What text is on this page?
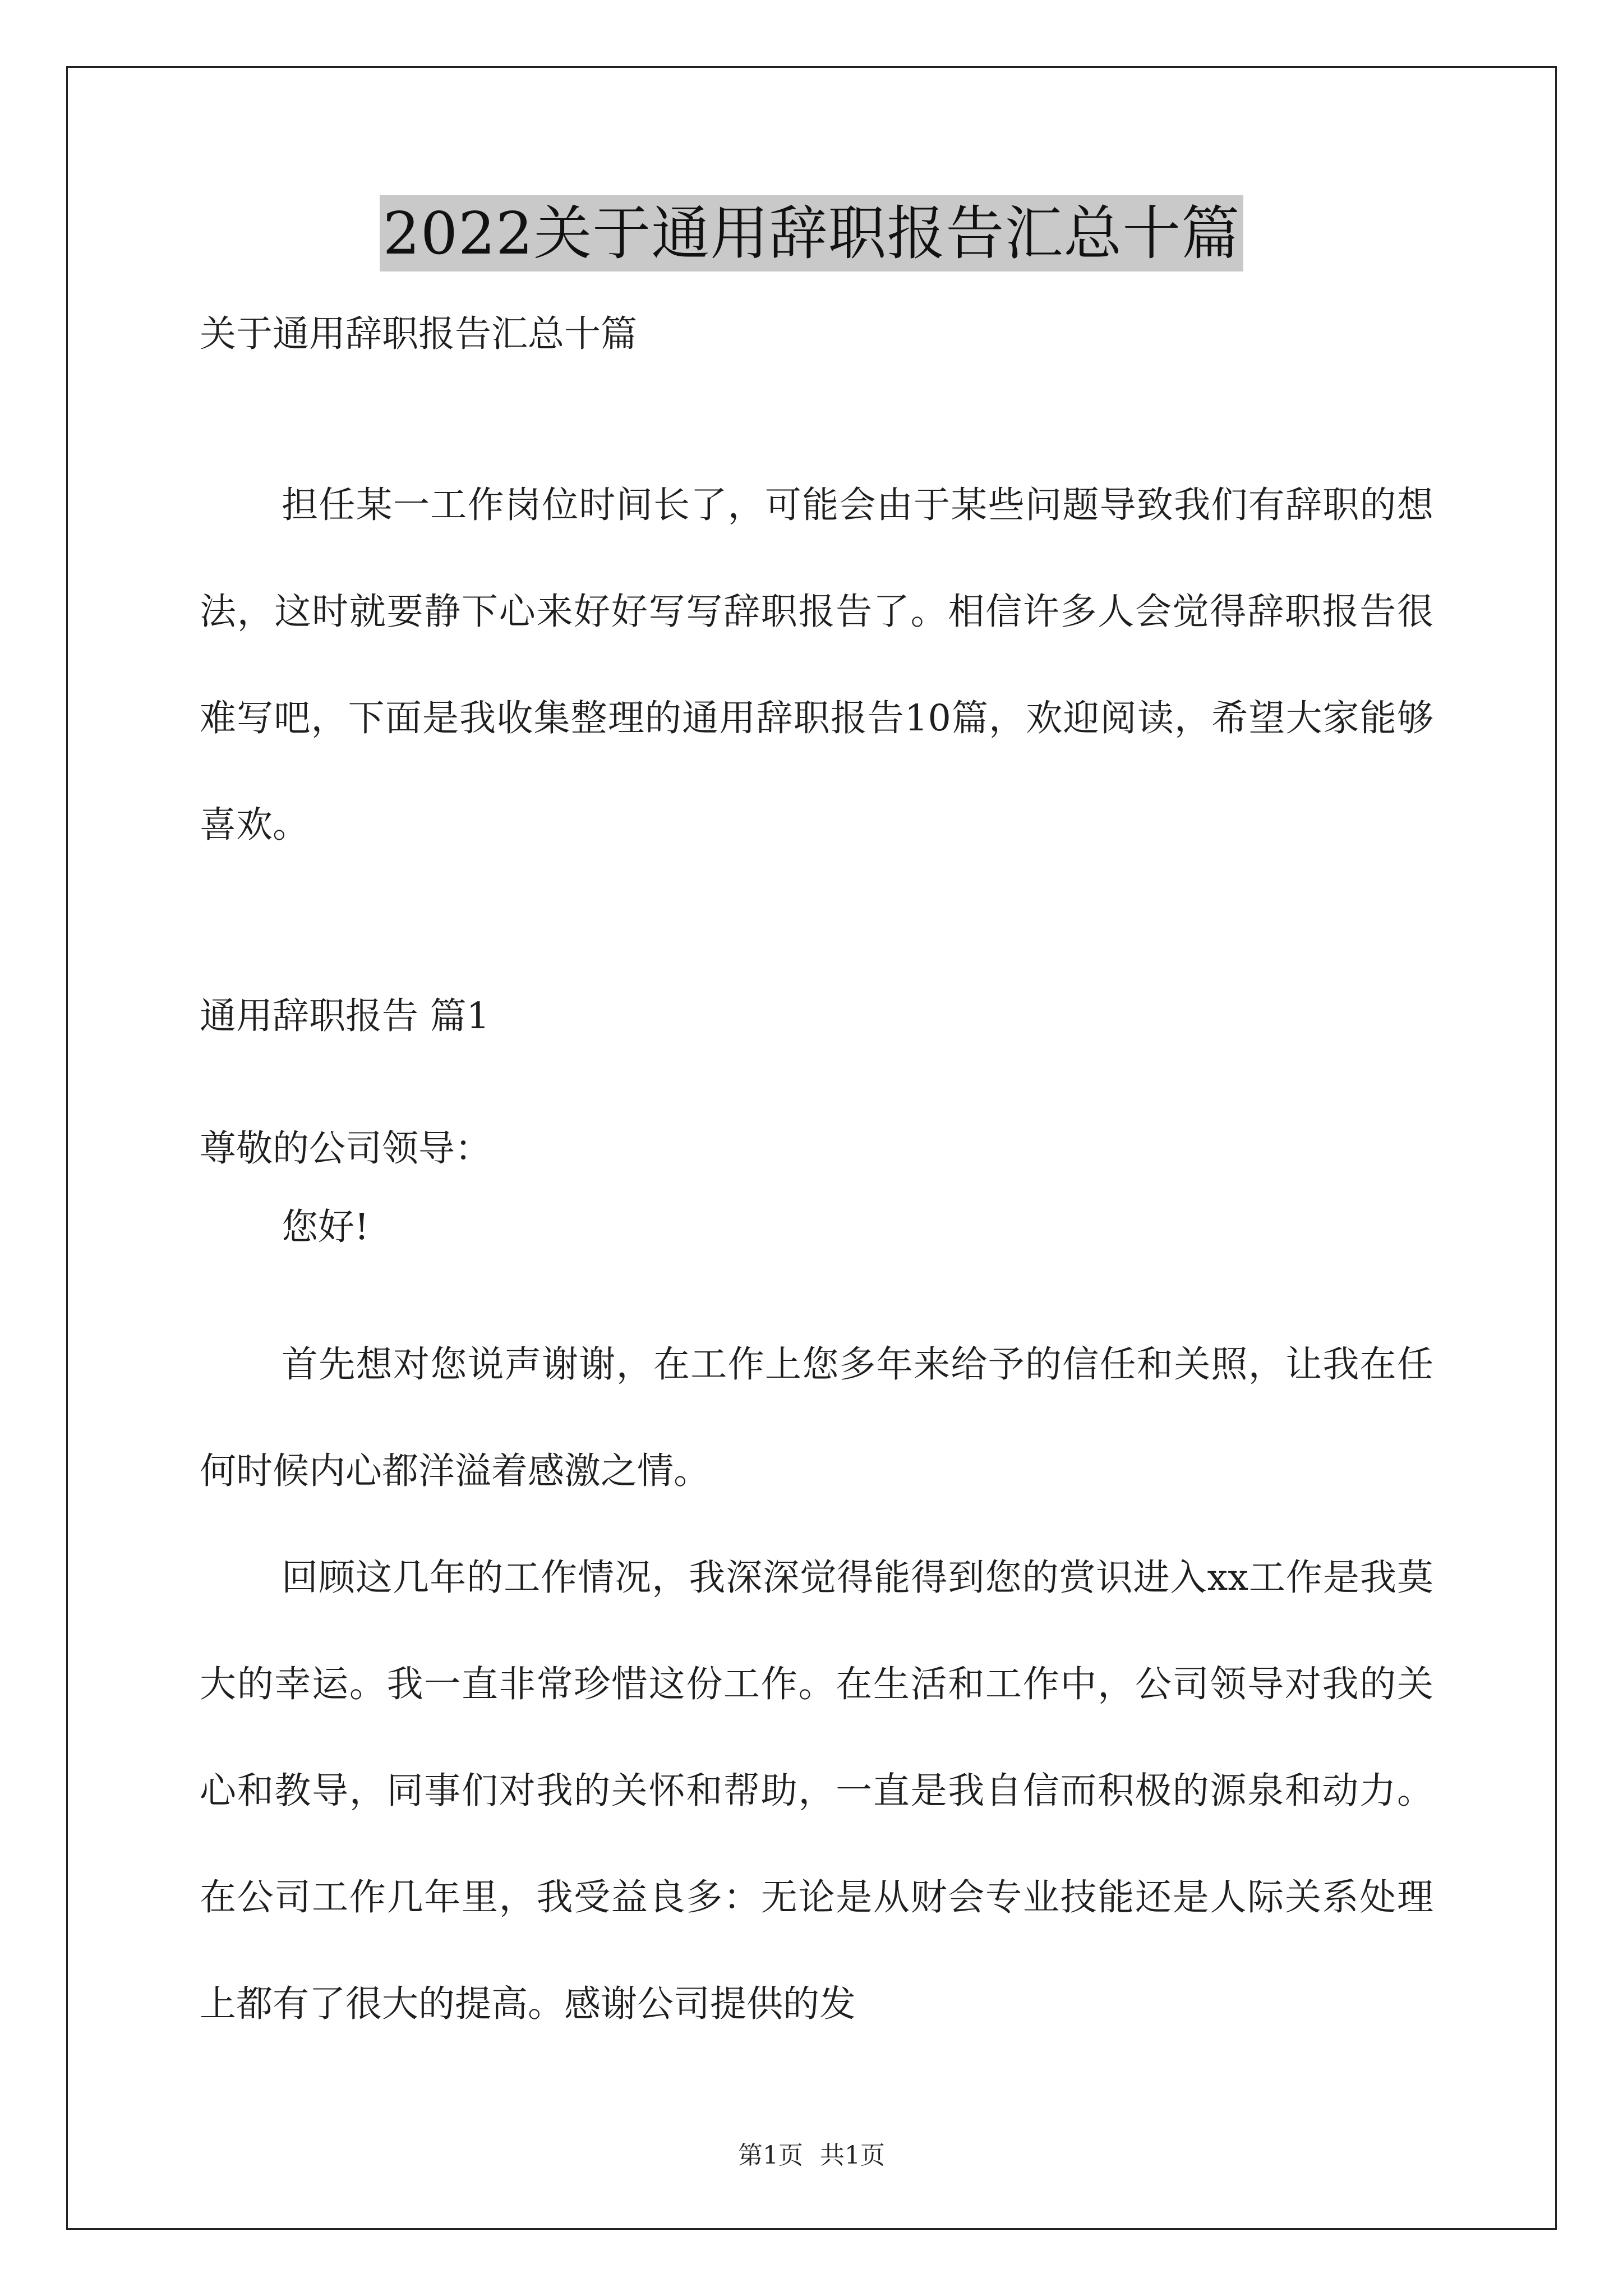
2022关于通用辞职报告汇总十篇
关于通用辞职报告汇总十篇
担任某一工作岗位时间长了，可能会由于某些问题导致我们有辞职的想法，这时就要静下心来好好写写辞职报告了。相信许多人会觉得辞职报告很难写吧，下面是我收集整理的通用辞职报告10篇，欢迎阅读，希望大家能够喜欢。
通用辞职报告 篇1
尊敬的公司领导：

您好!

首先想对您说声谢谢，在工作上您多年来给予的信任和关照，让我在任何时候内心都洋溢着感激之情。

回顾这几年的工作情况，我深深觉得能得到您的赏识进入xx工作是我莫大的幸运。我一直非常珍惜这份工作。在生活和工作中，公司领导对我的关心和教导，同事们对我的关怀和帮助，一直是我自信而积极的源泉和动力。在公司工作几年里，我受益良多：无论是从财会专业技能还是人际关系处理上都有了很大的提高。感谢公司提供的发

第1页 共1页
